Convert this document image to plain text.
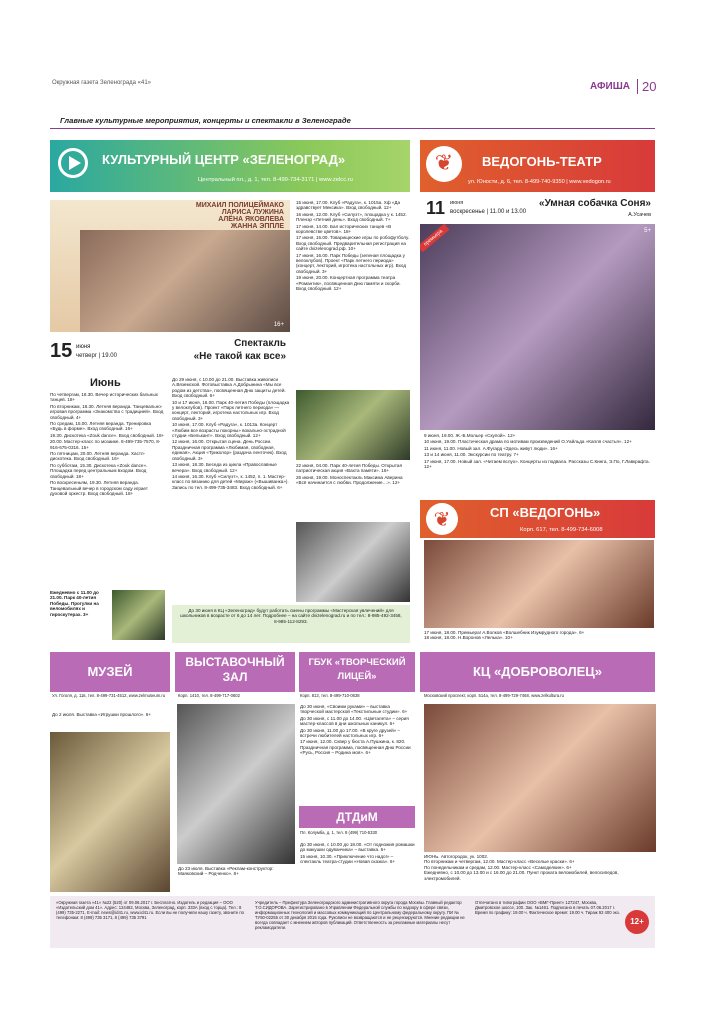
Окружная газета Зеленограда «41»
№22 (520) Пятница, 9 июня 2017 года
АФИША 20
Главные культурные мероприятия, концерты и спектакли в Зеленограде
КУЛЬТУРНЫЙ ЦЕНТР «ЗЕЛЕНОГРАД»
Центральный пл., д. 1, тел. 8-499-734-3171 | www.zelcc.ru
МИХАИЛ ПОЛИЦЕЙМАКО
ЛАРИСА ЛУЖИНА
АЛЁНА ЯКОВЛЕВА
ЖАННА ЭППЛЕ
16+
15 июня
четверг | 19.00
Спектакль
«Не такой как все»
Июнь
По четвергам, 18.30. Вечер исторических бальных танцев. 18+
По вторникам, 18.30. Летняя веранда. Танцевально-игровая программа «Знакомство с традицией». Вход свободный. 4+
По средам, 15.00. Летняя веранда. Тренировка «Будь в форме». Вход свободный. 16+
19.30. Дискотека «Zouk dance». Вход свободный. 18+
20.00. Мастер-класс по мозаике. 8-499-735-7570, 8-916-675-0316. 15+
По пятницам, 20.00. Летняя веранда. Хастл-дискотека. Вход свободный. 16+
По субботам, 15.30. Дискотека «Zouk dance». Площадка перед центральным входом. Вход свободный. 18+
По воскресеньям, 19.30. Летняя веранда. Танцевальный вечер в городском саду играет духовой оркестр. Вход свободный. 18+
Ежедневно с 11.00 до 21.00. Парк 40-летия Победы. Прогулки на веломобилях и гироскутерах. 3+
До 29 июня, с 10.00 до 21.00. Выставка живописи А.Вяземской. Фотовыставка А.Добрынина «Мы все родом из детства», посвященная Дню защиты детей. Вход свободный. 6+
10 и 17 июня, 16.00. Парк 40-летия Победы (площадка у велоклубов). Проект «Парк летнего периода» — концерт, лекторий, игротека настольных игр. Вход свободный. 3+
10 июня, 17.00. Клуб «Радуга», к. 1013а. Концерт «Любим все возрасты покорны» вокально-эстрадной студии «Белькант». Вход свободный. 12+
12 июня, 16.00. Открытая сцена. День России. Праздничная программа «Любимая, свободная, единая». Акция «Триколор» (раздача ленточек). Вход свободный. 3+
13 июня, 18.30. Беседа из цикла «Православные вечера». Вход свободный. 12+
14 июня, 16.30. Клуб «Силуэт», к. 1452, п. 1. Мастер-класс по вязанию для детей «Мираж» («Вышиванка»). Запись по тел. 8-499-735-3483. Вход свободный. 6+
15 июня, 17.00. Клуб «Радуга», к. 1015а. Хф «Да здравствует Мексика». Вход свободный. 12+
16 июня, 12.00. Клуб «Силуэт», площадка у к. 1452. Пленэр «Летний день». Вход свободный. 7+
17 июня, 14.00. Бал исторических танцев «В королевстве цветов». 18+
17 июня, 15.00. Товарищеские игры по робофутболу. Вход свободный. Предварительная регистрация на сайте dvizelenograd.рф. 10+
17 июня, 16.00. Парк Победы (зеленая площадка у велоклубов). Проект «Парк летнего периода» (концерт, лекторий, игротека настольных игр). Вход свободный. 3+
19 июня, 20.00. Концертная программа театра «Романтик», посвященная Дню памяти и скорби. Вход свободный. 12+
22 июня, 04.00. Парк 40-летия Победы. Открытая патриотическая акция «Вахта памяти». 16+
26 июня, 19.00. Моноспектакль Максима Аверина «Всё начинается с любви. Продолжение…». 12+
До 30 июня в КЦ «Зеленоград» будут работать смены программы «Мастерская увлечений» для школьников в возрасте от 6 до 14 лет. Подробнее – на сайте dvizelenograd.ru и по тел.: 8-985-492-3458, 8-985-112-8293.
❦	ВЕДОГОНЬ-ТЕАТР
ул. Юности, д. 6, тел. 8-499-740-9350 | www.vedogon.ru
11 июня
воскресенье | 11.00 и 13.00
«Умная собачка Соня»
А.Усачев
премьера	5+
9 июня, 19.00. Ж.-Б.Мольер «Скупой». 12+
10 июня, 19.00. Пластическая драма по мотивам произведений О.Уайльда «Капля счастья». 12+
11 июня, 11.00. Новый зал. А.Фугард «Здесь живут люди». 16+
13 и 14 июня, 11.00. Экскурсии по театру. 7+
17 июня, 17.00. Новый зал. «Читаем вслух». Концерты из подвала. Рассказы С.Кинга, Э.По, Г.Лавкрафта. 12+
❦	СП «ВЕДОГОНЬ»
Корп. 617, тел. 8-499-734-6008
17 июня, 18.00. Премьера! А.Волков «Волшебник Изумрудного города». 6+
18 июня, 18.00. Н.Воронов «Лелька». 10+
МУЗЕЙ
Ул. Гоголя, д. 11в, тел. 8-499-731-4512, www.zelmuseum.ru
До 2 июля. Выставка «Игрушки прошлого». 6+
ВЫСТАВОЧНЫЙ ЗАЛ
Корп. 1410, тел. 8-499-717-0602
До 23 июля. Выставка «Реклам-конструктор: Маяковский – Родченко». 6+
ГБУК «ТВОРЧЕСКИЙ ЛИЦЕЙ»
Корп. 813, тел. 8-499-710-0638
До 30 июня, «Своими руками» – выставка творческой мастерской «Текстильные студии». 6+
До 30 июня, с 11.00 до 14.00. «Цветалета» – серия мастер-классов в дни школьных каникул. 6+
До 30 июня, 11.00 до 17.00. «В круге друзей» – встречи любителей настольных игр. 6+
17 июня, 12.00. Сквер у бюста А.Пушкина, к. 820. Праздничная программа, посвященная Дню России «Русь, Россия – Родина моя». 6+
ДТДиМ
Пл. Колумба, д. 1, тел. 8 (499) 710-5330
До 30 июня, с 10.00 до 18.00. «От подножия ромашки до макушки одуванчика» – выставка. 6+
15 июня, 10.30. «Приключение что надо!» – спектакль театра-студии «Новая сказка». 6+
КЦ «ДОБРОВОЛЕЦ»
Московский проспект, корп. 514а, тел. 8-499-729-7468, www.zelkultura.ru
ИЮНЬ. Автогородок, ук. 1002.
По вторникам и четвергам, 12.00. Мастер-класс «Веселые краски». 6+
По понедельникам и средам, 12.00. Мастер-класс «Самоделкин». 6+
Ежедневно, с 10.00 до 13.00 и с 16.00 до 21.00. Пункт проката веломобилей, велосипедов, электромобилей.
«Окружная газета «41» №22 (520) от 09.06.2017 г. Бесплатно. Издатель и редакция – ООО «Издательский дом 41». Адрес: 124482, Москва, Зеленоград, корп. 333А (вход с торца). Тел.: 8 (499) 735-2271. E-mail: news@id41.ru, www.id41.ru. Если вы не получили нашу газету, звоните по телефонам: 8 (499) 735 3171, 8 (499) 735 3791
Учредитель – Префектура Зеленоградского административного округа города Москвы. Главный редактор Т.О.СИДОРОВА. Зарегистрировано в Управлении Федеральной службы по надзору в сфере связи, информационных технологий и массовых коммуникаций по Центральному федеральному округу. ПИ № ТУ50-02255 от 30 декабря 2015 года. Рукописи не возвращаются и не рецензируются. Мнение редакции не всегда совпадает с мнением авторов публикаций. Ответственность за рекламные материалы несут рекламодатели.
Отпечатано в типографии ООО «ВМГ-Принт» 127247, Москва, Дмитровское шоссе, 100. Зак. №1461. Подписано в печать 07.06.2017 г. Время по графику: 19.00 ч. Фактическое время: 19.00 ч. Тираж 92 400 экз.
12+
